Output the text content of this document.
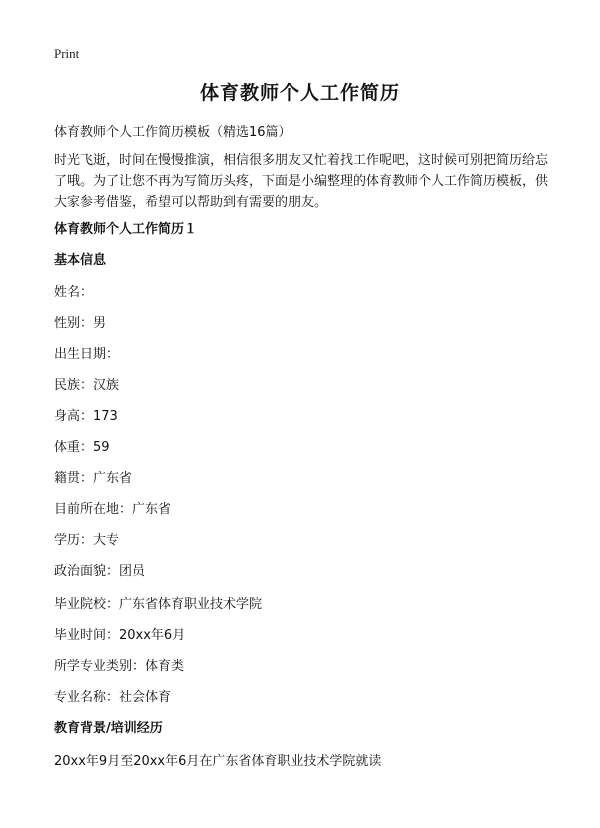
Print
体育教师个人工作简历
体育教师个人工作简历模板（精选16篇）
时光飞逝，时间在慢慢推演，相信很多朋友又忙着找工作呢吧，这时候可别把简历给忘了哦。为了让您不再为写简历头疼，下面是小编整理的体育教师个人工作简历模板，供大家参考借鉴，希望可以帮助到有需要的朋友。
体育教师个人工作简历１
基本信息
姓名：
性别：男
出生日期：
民族：汉族
身高：173
体重：59
籍贯：广东省
目前所在地：广东省
学历：大专
政治面貌：团员
毕业院校：广东省体育职业技术学院
毕业时间：20xx年6月
所学专业类别：体育类
专业名称：社会体育
教育背景/培训经历
20xx年9月至20xx年6月在广东省体育职业技术学院就读
